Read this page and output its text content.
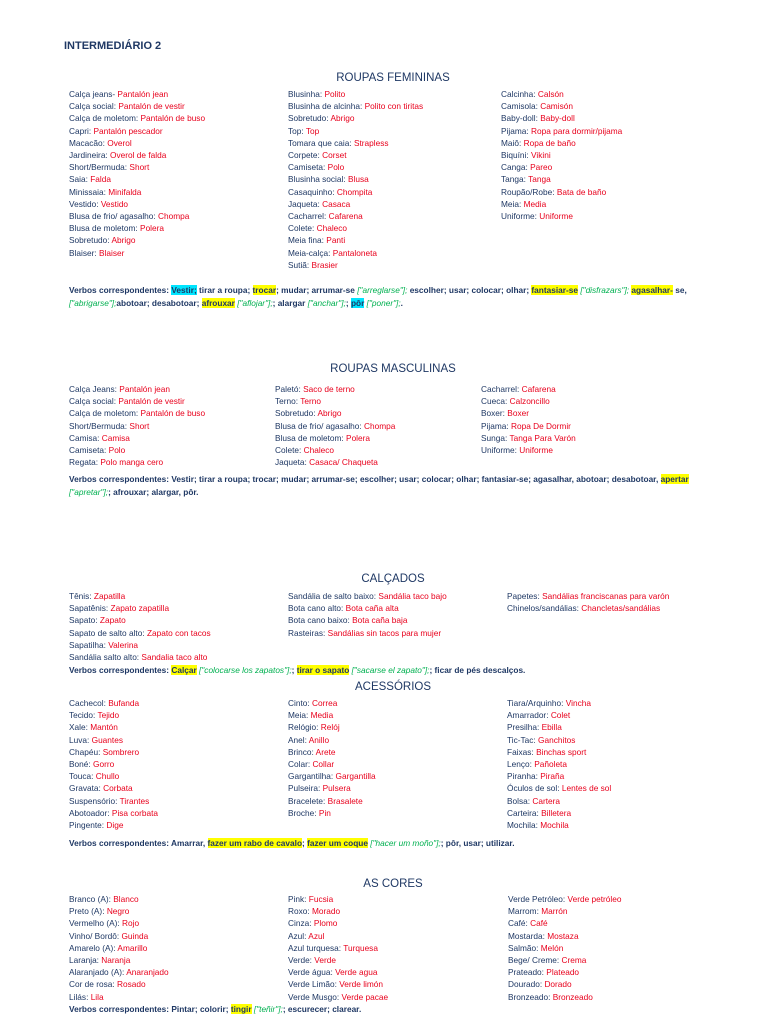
INTERMEDIÁRIO 2
ROUPAS FEMININAS
Calça jeans- Pantalón jean
Calça social: Pantalón de vestir
Calça de moletom: Pantalón de buso
Capri: Pantalón pescador
Macacão: Overol
Jardineira: Overol de falda
Short/Bermuda: Short
Saia: Falda
Minissaia: Minifalda
Vestido: Vestido
Blusa de frio/ agasalho: Chompa
Blusa de moletom: Polera
Sobretudo: Abrigo
Blaiser: Blaiser
Blusinha: Polito
Blusinha de alcinha: Polito con tiritas
Sobretudo: Abrigo
Top: Top
Tomara que caia: Strapless
Corpete: Corset
Camiseta: Polo
Blusinha social: Blusa
Casaquinho: Chompita
Jaqueta: Casaca
Cacharrel: Cafarena
Colete: Chaleco
Meia fina: Panti
Meia-calça: Pantaloneta
Sutiã: Brasier
Calcinha: Calsón
Camisola: Camisón
Baby-doll: Baby-doll
Pijama: Ropa para dormir/pijama
Maiô: Ropa de baño
Biquíni: Vikini
Canga: Pareo
Tanga: Tanga
Roupão/Robe: Bata de baño
Meia: Media
Uniforme: Uniforme
Verbos correspondentes: Vestir; tirar a roupa; trocar; mudar; arrumar-se ["arreglarse"]; escolher; usar; colocar; olhar; fantasiar-se ["disfrazars"]; agasalhar- se, ["abrigarse"];abotoar; desabotoar; afrouxar ["aflojar"];; alargar ["anchar"];; pôr ["poner"];.
ROUPAS MASCULINAS
Calça Jeans: Pantalón jean
Calça social: Pantalón de vestir
Calça de moletom: Pantalón de buso
Short/Bermuda: Short
Camisa: Camisa
Camiseta: Polo
Regata: Polo manga cero
Paletó: Saco de terno
Terno: Terno
Sobretudo: Abrigo
Blusa de frio/ agasalho: Chompa
Blusa de moletom: Polera
Colete: Chaleco
Jaqueta: Casaca/ Chaqueta
Cacharrel: Cafarena
Cueca: Calzoncillo
Boxer: Boxer
Pijama: Ropa De Dormir
Sunga: Tanga Para Varón
Uniforme: Uniforme
Verbos correspondentes: Vestir; tirar a roupa; trocar; mudar; arrumar-se; escolher; usar; colocar; olhar; fantasiar-se; agasalhar, abotoar; desabotoar, apertar ["apretar"];; afrouxar; alargar, pôr.
CALÇADOS
Tênis: Zapatilla
Sapatênis: Zapato zapatilla
Sapato: Zapato
Sapato de salto alto: Zapato con tacos
Sapatilha: Valerina
Sandália salto alto: Sandalia taco alto
Sandália de salto baixo: Sandália taco bajo
Bota cano alto: Bota caña alta
Bota cano baixo: Bota caña baja
Rasteiras: Sandálias sin tacos para mujer
Papetes: Sandálias franciscanas para varón
Chinelos/sandálias: Chancletas/sandálias
Verbos correspondentes: Calçar ["colocarse los zapatos"];; tirar o sapato ["sacarse el zapato"];; ficar de pés descalços.
ACESSÓRIOS
Cachecol: Bufanda
Tecido: Tejido
Xale: Mantón
Luva: Guantes
Chapéu: Sombrero
Boné: Gorro
Touca: Chullo
Gravata: Corbata
Suspensório: Tirantes
Abotoador: Pisa corbata
Pingente: Dige
Cinto: Correa
Meia: Media
Relógio: Relój
Anel: Anillo
Brinco: Arete
Colar: Collar
Gargantilha: Gargantilla
Pulseira: Pulsera
Bracelete: Brasalete
Broche: Pin
Tiara/Arquinho: Vincha
Amarrador: Colet
Presilha: Ebilla
Tic-Tac: Ganchitos
Faixas: Binchas sport
Lenço: Pañoleta
Piranha: Piraña
Óculos de sol: Lentes de sol
Bolsa: Cartera
Carteira: Billetera
Mochila: Mochila
Verbos correspondentes: Amarrar, fazer um rabo de cavalo; fazer um coque ["hacer um moño"];; pôr, usar; utilizar.
AS CORES
Branco (A): Blanco
Preto (A): Negro
Vermelho (A): Rojo
Vinho/ Bordô: Guinda
Amarelo (A): Amarillo
Laranja: Naranja
Alaranjado (A): Anaranjado
Cor de rosa: Rosado
Lilás: Lila
Pink: Fucsia
Roxo: Morado
Cinza: Plomo
Azul: Azul
Azul turquesa: Turquesa
Verde: Verde
Verde água: Verde agua
Verde Limão: Verde limón
Verde Musgo: Verde pacae
Verde Petróleo: Verde petróleo
Marrom: Marrón
Café: Café
Mostarda: Mostaza
Salmão: Melón
Bege/ Creme: Crema
Prateado: Plateado
Dourado: Dorado
Bronzeado: Bronzeado
Verbos correspondentes: Pintar; colorir; tingir ["teñir"];; escurecer; clarear.
